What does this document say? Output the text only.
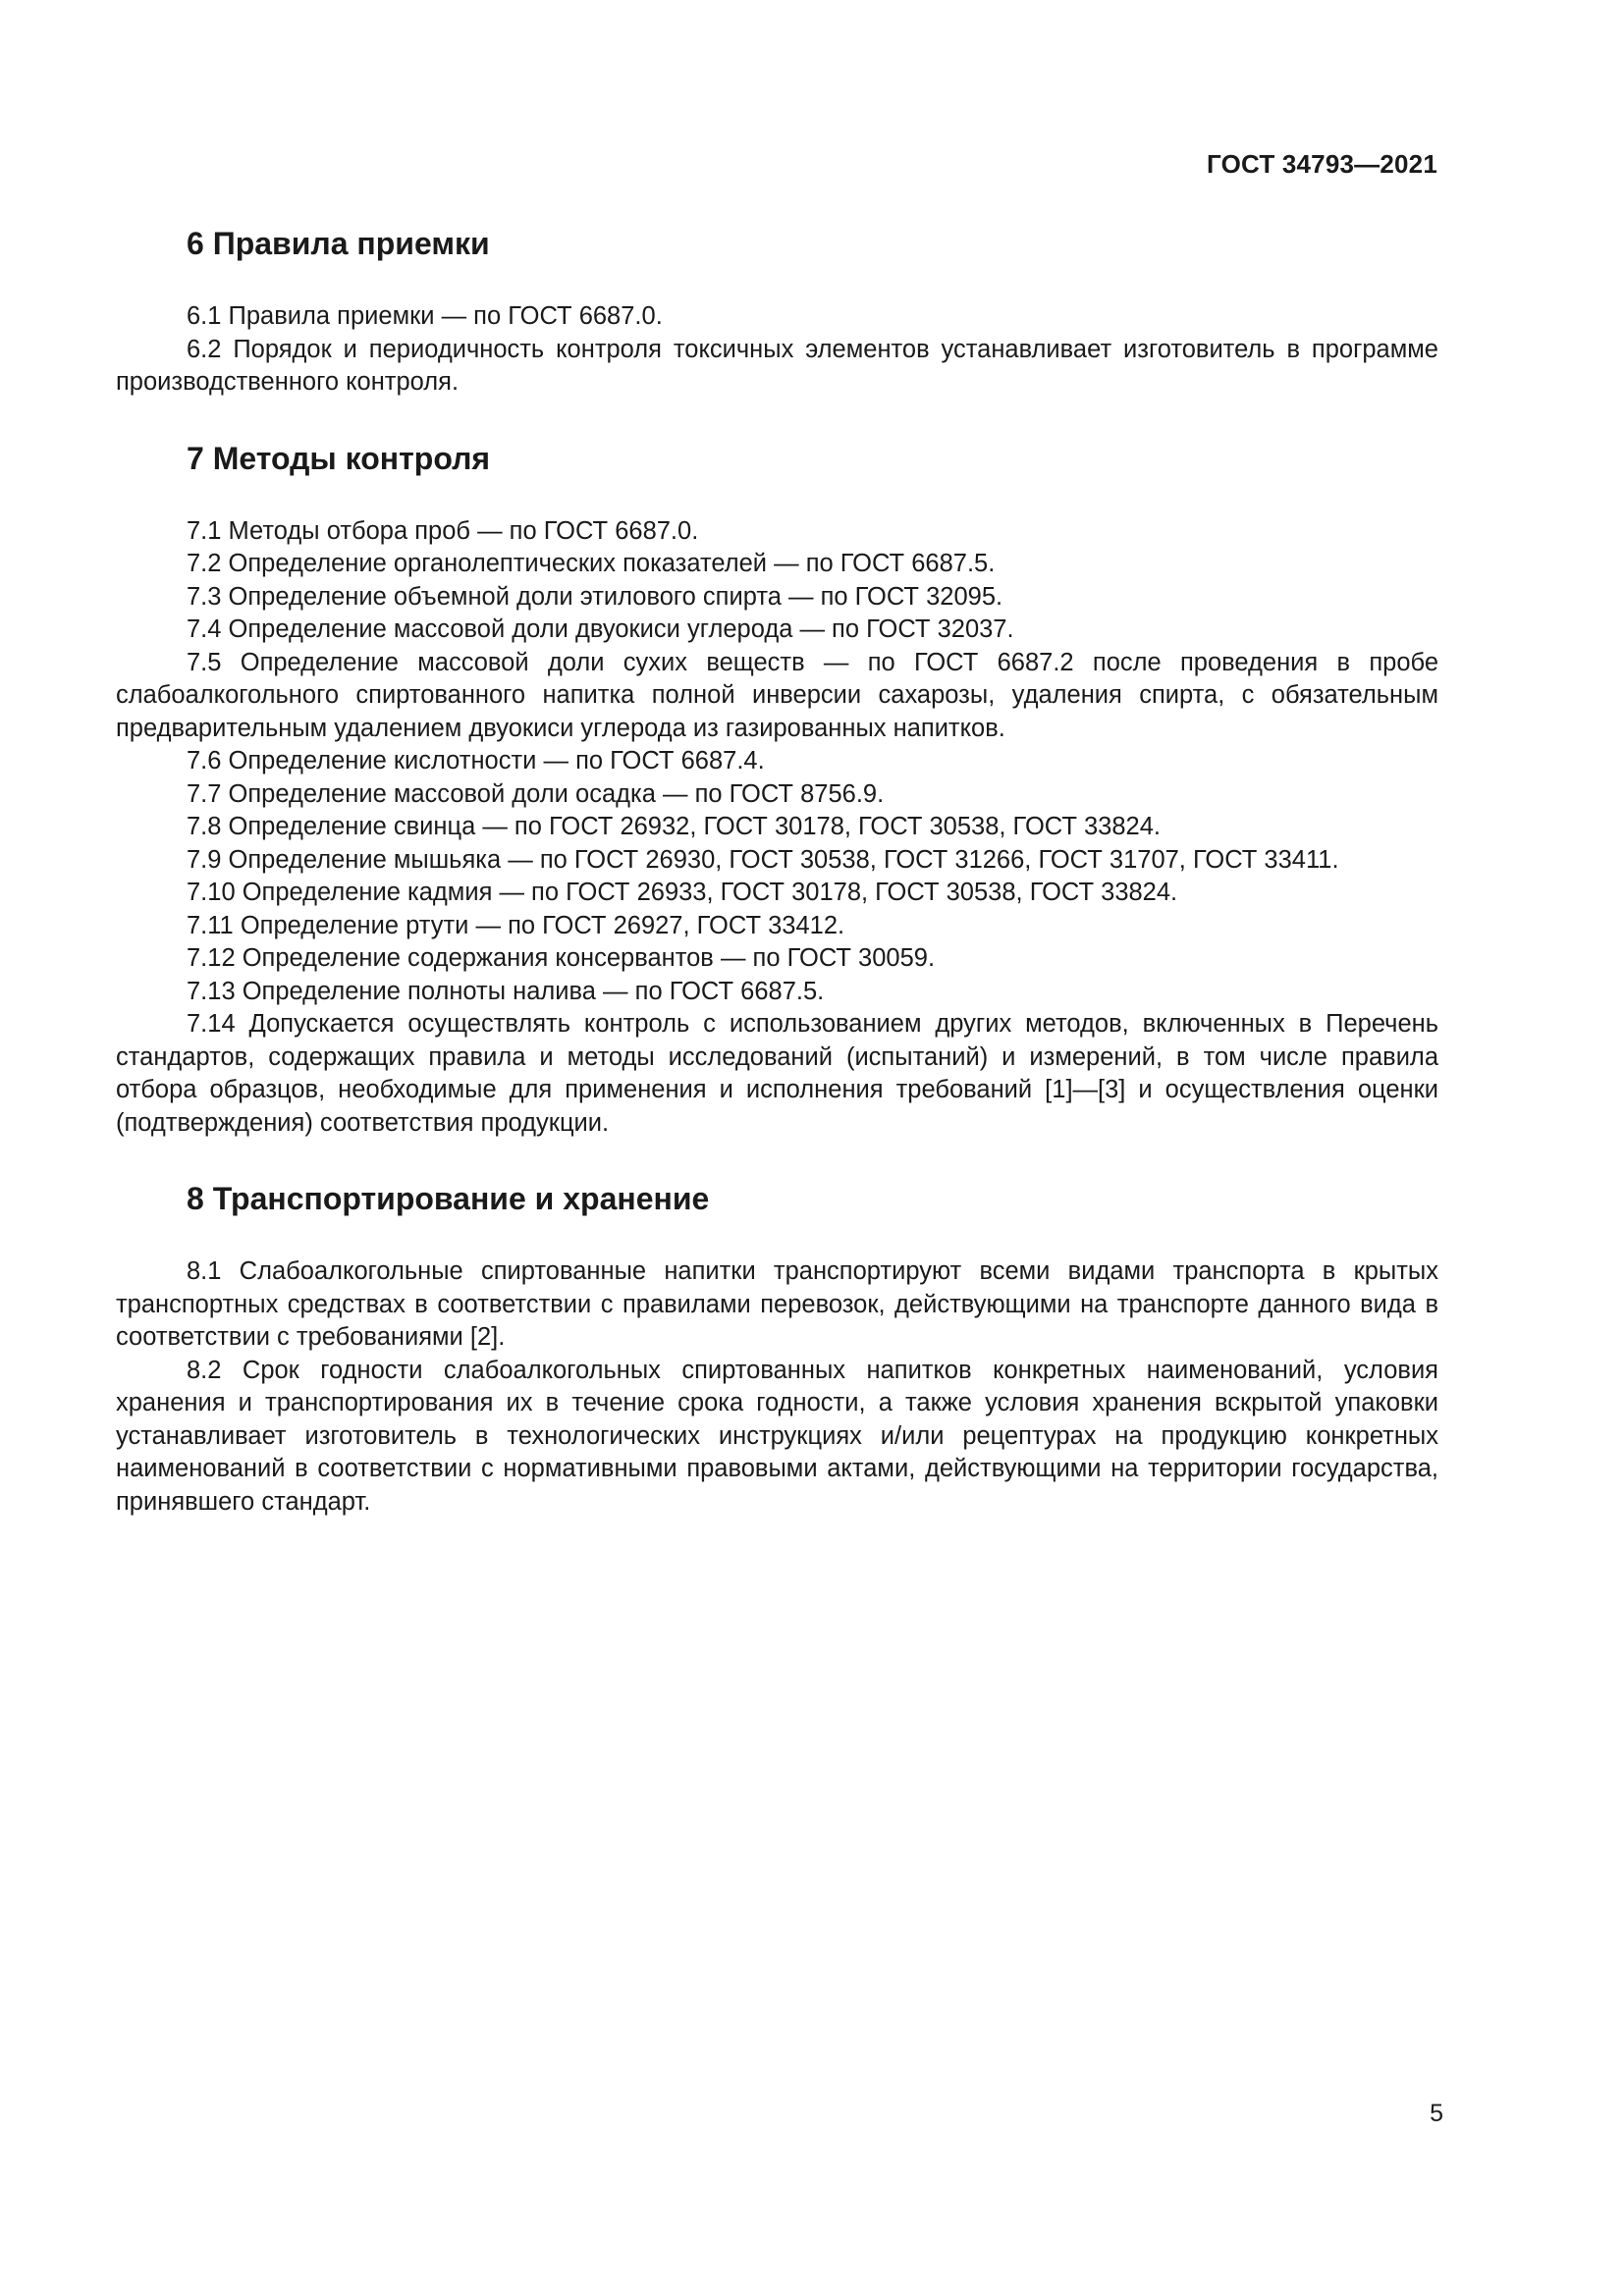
ГОСТ 34793—2021
6 Правила приемки

6.1 Правила приемки — по ГОСТ 6687.0.

6.2 Порядок и периодичность контроля токсичных элементов устанавливает изготовитель в программе производственного контроля.

7 Методы контроля

7.1 Методы отбора проб — по ГОСТ 6687.0.

7.2 Определение органолептических показателей — по ГОСТ 6687.5.

7.3 Определение объемной доли этилового спирта — по ГОСТ 32095.

7.4 Определение массовой доли двуокиси углерода — по ГОСТ 32037.

7.5 Определение массовой доли сухих веществ — по ГОСТ 6687.2 после проведения в пробе слабоалкогольного спиртованного напитка полной инверсии сахарозы, удаления спирта, с обязательным предварительным удалением двуокиси углерода из газированных напитков.

7.6 Определение кислотности — по ГОСТ 6687.4.

7.7 Определение массовой доли осадка — по ГОСТ 8756.9.

7.8 Определение свинца — по ГОСТ 26932, ГОСТ 30178, ГОСТ 30538, ГОСТ 33824.

7.9 Определение мышьяка — по ГОСТ 26930, ГОСТ 30538, ГОСТ 31266, ГОСТ 31707, ГОСТ 33411.

7.10 Определение кадмия — по ГОСТ 26933, ГОСТ 30178, ГОСТ 30538, ГОСТ 33824.

7.11 Определение ртути — по ГОСТ 26927, ГОСТ 33412.

7.12 Определение содержания консервантов — по ГОСТ 30059.

7.13 Определение полноты налива — по ГОСТ 6687.5.

7.14 Допускается осуществлять контроль с использованием других методов, включенных в Перечень стандартов, содержащих правила и методы исследований (испытаний) и измерений, в том числе правила отбора образцов, необходимые для применения и исполнения требований [1]—[3] и осуществления оценки (подтверждения) соответствия продукции.

8 Транспортирование и хранение

8.1 Слабоалкогольные спиртованные напитки транспортируют всеми видами транспорта в крытых транспортных средствах в соответствии с правилами перевозок, действующими на транспорте данного вида в соответствии с требованиями [2].

8.2 Срок годности слабоалкогольных спиртованных напитков конкретных наименований, условия хранения и транспортирования их в течение срока годности, а также условия хранения вскрытой упаковки устанавливает изготовитель в технологических инструкциях и/или рецептурах на продукцию конкретных наименований в соответствии с нормативными правовыми актами, действующими на территории государства, принявшего стандарт.

5
